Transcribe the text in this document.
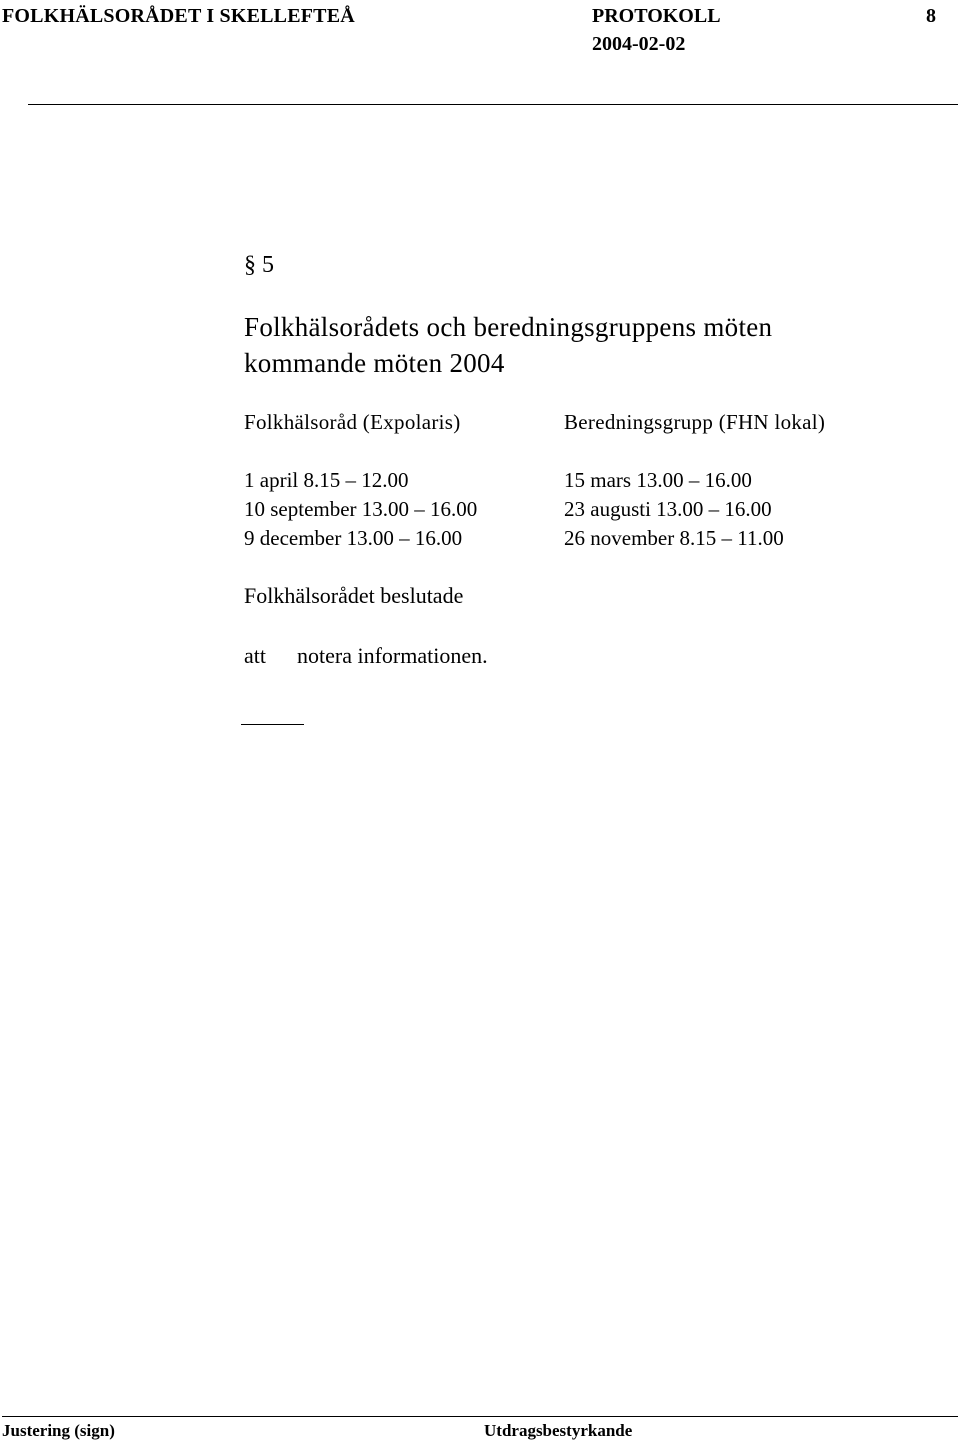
FOLKHÄLSORÅDET I SKELLEFTEÅ	PROTOKOLL	8
2004-02-02
§ 5
Folkhälsorådets och beredningsgruppens möten
kommande möten 2004
Folkhälsoråd (Expolaris)	Beredningsgrupp (FHN lokal)
1 april 8.15 – 12.00	15 mars 13.00 – 16.00
10 september 13.00 – 16.00	23 augusti 13.00 – 16.00
9 december 13.00 – 16.00	26 november 8.15 – 11.00
Folkhälsorådet beslutade
att notera informationen.
Justering (sign)	Utdragsbestyrkande
